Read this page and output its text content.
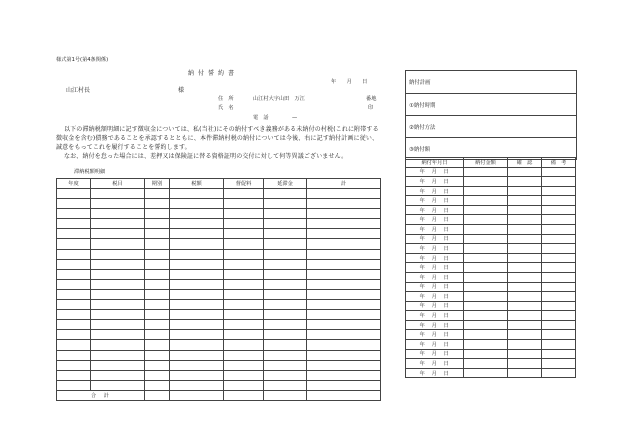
様式第1号(第4条関係)
納付誓約書
年　　月　　日
山江村長	様
住　所	山江村大字山田　万江	番地
氏　名	印
電　話	—
以下の滞納税額明細に記す徴収金については、私(当社)にその納付すべき義務がある未納付の村税(これに附帯する徴収金を含む)債務であることを承認するとともに、本件滞納村税の納付については今後、右に記す納付計画に従い、誠意をもってこれを履行することを誓約します。
なお、納付を怠った場合には、差押又は保険証に替る資格証明の交付に対して何等異議ございません。
滞納税額明細
年度	税目	期別	税額	督促料	延滞金	計

合　計						
納付計画
①納付時期
②納付方法
③納付額
納付年月日	納付金額	確　認	備　考
年 月 日			
年 月 日			
年 月 日			
年 月 日			
年 月 日			
年 月 日			
年 月 日			
年 月 日			
年 月 日			
年 月 日			
年 月 日			
年 月 日			
年 月 日			
年 月 日			
年 月 日			
年 月 日			
年 月 日			
年 月 日			
年 月 日			
年 月 日			
年 月 日			
年 月 日			
